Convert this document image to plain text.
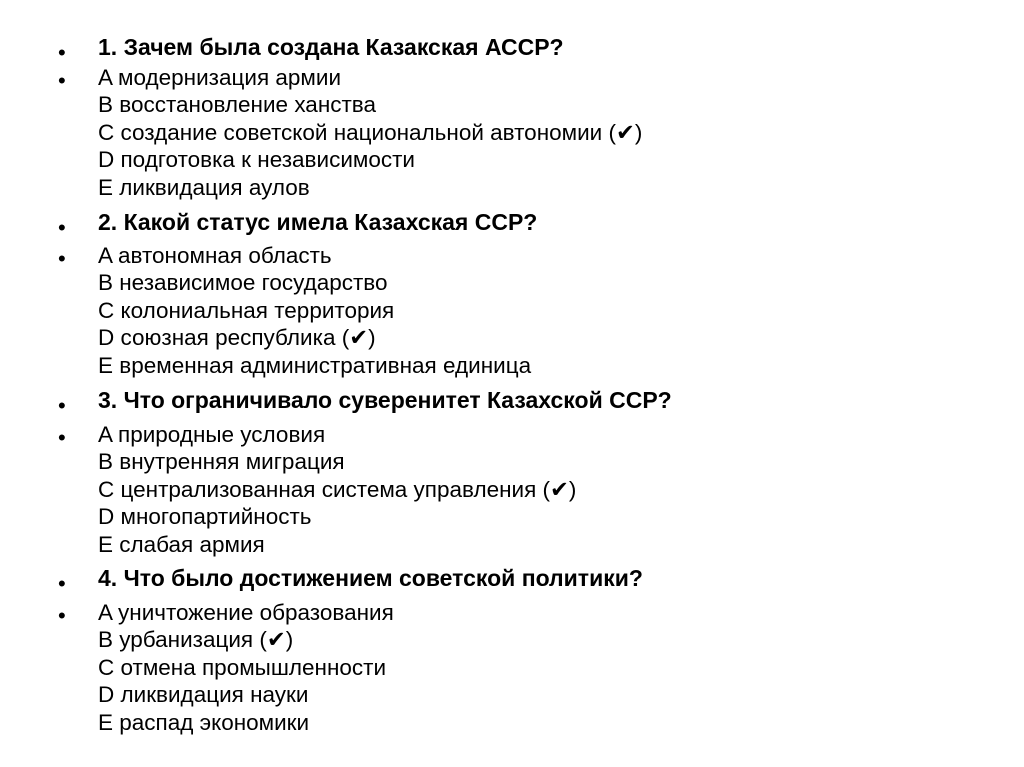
• 1. Зачем была создана Казакская АССР?
• A модернизация армии
B восстановление ханства
C создание советской национальной автономии (✔)
D подготовка к независимости
E ликвидация аулов
• 2. Какой статус имела Казахская ССР?
• A автономная область
B независимое государство
C колониальная территория
D союзная республика (✔)
E временная административная единица
• 3. Что ограничивало суверенитет Казахской ССР?
• A природные условия
B внутренняя миграция
C централизованная система управления (✔)
D многопартийность
E слабая армия
• 4. Что было достижением советской политики?
• A уничтожение образования
B урбанизация (✔)
C отмена промышленности
D ликвидация науки
E распад экономики
